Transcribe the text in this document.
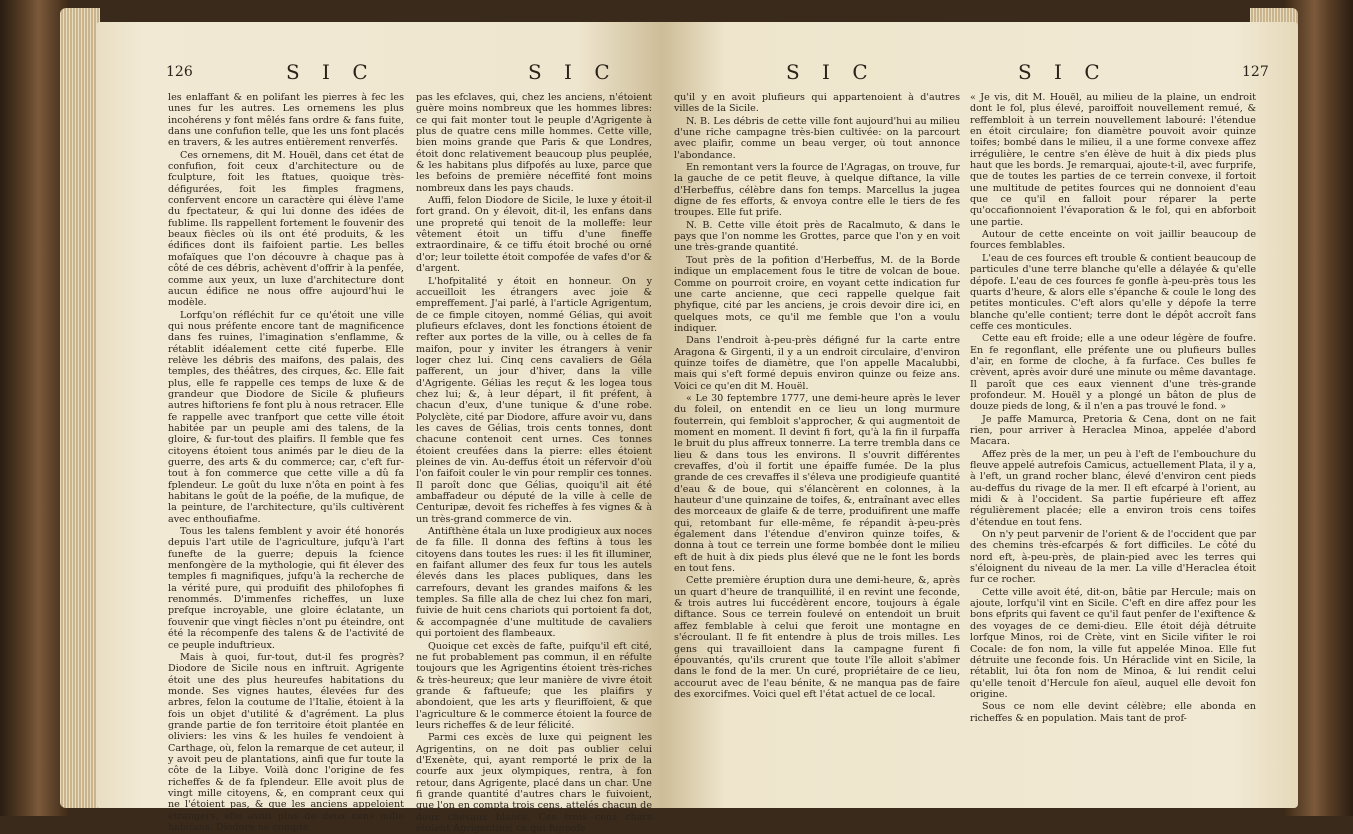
126	S I C	S I C

les enlaffant & en polifant les pierres à fec les unes fur les autres. Les ornemens les plus incohérens y font mêlés fans ordre & fans fuite, dans une confufion telle, que les uns font placés en travers, & les autres entièrement renverfés.

Ces ornemens, dit M. Houël, dans cet état de confufion, foit ceux d'architecture ou de fculpture, foit les ftatues, quoique très-défigurées, foit les fimples fragmens, confervent encore un caractère qui élève l'ame du fpectateur, & qui lui donne des idées de fublime. Ils rappellent fortement le fouvenir des beaux fiècles où ils ont été produits, & les édifices dont ils faifoient partie. Les belles mofaïques que l'on découvre à chaque pas à côté de ces débris, achèvent d'offrir à la penfée, comme aux yeux, un luxe d'architecture dont aucun édifice ne nous offre aujourd'hui le modèle.

Lorfqu'on réfléchit fur ce qu'étoit une ville qui nous préfente encore tant de magnificence dans fes ruines, l'imagination s'enflamme, & rétablit idéalement cette cité fuperbe. Elle relève les débris des maifons, des palais, des temples, des théâtres, des cirques, &c. Elle fait plus, elle fe rappelle ces temps de luxe & de grandeur que Diodore de Sicile & plufieurs autres hiftoriens fe font plu à nous retracer. Elle fe rappelle avec tranfport que cette ville étoit habitée par un peuple ami des talens, de la gloire, & fur-tout des plaifirs. Il femble que fes citoyens étoient tous animés par le dieu de la guerre, des arts & du commerce; car, c'eft fur-tout à fon commerce que cette ville a dû fa fplendeur. Le goût du luxe n'ôta en point à fes habitans le goût de la poéfie, de la mufique, de la peinture, de l'architecture, qu'ils cultivèrent avec enthoufiafme.

Tous les talens femblent y avoir été honorés depuis l'art utile de l'agriculture, jufqu'à l'art funefte de la guerre; depuis la fcience menfongère de la mythologie, qui fit élever des temples fi magnifiques, jufqu'à la recherche de la vérité pure, qui produifit des philofophes fi renommés. D'immenfes richeffes, un luxe prefque incroyable, une gloire éclatante, un fouvenir que vingt fiècles n'ont pu éteindre, ont été la récompenfe des talens & de l'activité de ce peuple induftrieux.

Mais à quoi, fur-tout, dut-il fes progrès? Diodore de Sicile nous en inftruit. Agrigente étoit une des plus heureufes habitations du monde. Ses vignes hautes, élevées fur des arbres, felon la coutume de l'Italie, étoient à la fois un objet d'utilité & d'agrément. La plus grande partie de fon territoire étoit plantée en oliviers: les vins & les huiles fe vendoient à Carthage, où, felon la remarque de cet auteur, il y avoit peu de plantations, ainfi que fur toute la côte de la Libye. Voilà donc l'origine de fes richeffes & de fa fplendeur. Elle avoit plus de vingt mille citoyens, &, en comprant ceux qui ne l'étoient pas, & que les anciens appeloient étrangers, elle avoit plus de deux cens mille habitans. Diodore ne compte

pas les efclaves, qui, chez les anciens, n'étoient guère moins nombreux que les hommes libres: ce qui fait monter tout le peuple d'Agrigente à plus de quatre cens mille hommes. Cette ville, bien moins grande que Paris & que Londres, étoit donc relativement beaucoup plus peuplée, & les habitans plus difpofés au luxe, parce que les befoins de première néceffité font moins nombreux dans les pays chauds.

Auffi, felon Diodore de Sicile, le luxe y étoit-il fort grand. On y élevoit, dit-il, les enfans dans une propreté qui tenoit de la molleffe: leur vêtement étoit un tiffu d'une fineffe extraordinaire, & ce tiffu étoit broché ou orné d'or; leur toilette étoit compofée de vafes d'or & d'argent.

L'hofpitalité y étoit en honneur. On y accueilloit les étrangers avec joie & empreffement. J'ai parlé, à l'article Agrigentum, de ce fimple citoyen, nommé Gélias, qui avoit plufieurs efclaves, dont les fonctions étoient de refter aux portes de la ville, ou à celles de fa maifon, pour y inviter les étrangers à venir loger chez lui. Cinq cens cavaliers de Géla pafferent, un jour d'hiver, dans la ville d'Agrigente. Gélias les reçut & les logea tous chez lui; &, à leur départ, il fit préfent, à chacun d'eux, d'une tunique & d'une robe. Polyclète, cité par Diodore, affure avoir vu, dans les caves de Gélias, trois cents tonnes, dont chacune contenoit cent urnes. Ces tonnes étoient creufées dans la pierre: elles étoient pleines de vin. Au-deffus étoit un réfervoir d'où l'on faifoit couler le vin pour remplir ces tonnes. Il paroît donc que Gélias, quoiqu'il ait été ambaffadeur ou député de la ville à celle de Centuripæ, devoit fes richeffes à fes vignes & à un très-grand commerce de vin.

Antifthène étala un luxe prodigieux aux noces de fa fille. Il donna des feftins à tous les citoyens dans toutes les rues: il les fit illuminer, en faifant allumer des feux fur tous les autels élevés dans les places publiques, dans les carrefours, devant les grandes maifons & les temples. Sa fille alla de chez lui chez fon mari, fuivie de huit cens chariots qui portoient fa dot, & accompagnée d'une multitude de cavaliers qui portoient des flambeaux.

Quoique cet excès de fafte, puifqu'il eft cité, ne fut probablement pas commun, il en réfulte toujours que les Agrigentins étoient très-riches & très-heureux; que leur manière de vivre étoit grande & faftueufe; que les plaifirs y abondoient, que les arts y fleuriffoient, & que l'agriculture & le commerce étoient la fource de leurs richeffes & de leur félicité.

Parmi ces excès de luxe qui peignent les Agrigentins, on ne doit pas oublier celui d'Exenète, qui, ayant remporté le prix de la courfe aux jeux olympiques, rentra, à fon retour, dans Agrigente, placé dans un char. Une fi grande quantité d'autres chars le fuivoient, que l'on en compta trois cens, attelés chacun de deux chevaux blancs. Ces trois cens chars étoient Agrigentins; ce qui fuppofe

S I C	S I C	127

qu'il y en avoit plufieurs qui appartenoient à d'autres villes de la Sicile.

N. B. Les débris de cette ville font aujourd'hui au milieu d'une riche campagne très-bien cultivée: on la parcourt avec plaifir, comme un beau verger, où tout annonce l'abondance.

En remontant vers la fource de l'Agragas, on trouve, fur la gauche de ce petit fleuve, à quelque diftance, la ville d'Herbeffus, célèbre dans fon temps. Marcellus la jugea digne de fes efforts, & envoya contre elle le tiers de fes troupes. Elle fut prife.

N. B. Cette ville étoit près de Racalmuto, & dans le pays que l'on nomme les Grottes, parce que l'on y en voit une très-grande quantité.

Tout près de la pofition d'Herbeffus, M. de la Borde indique un emplacement fous le titre de volcan de boue. Comme on pourroit croire, en voyant cette indication fur une carte ancienne, que ceci rappelle quelque fait phyfique, cité par les anciens, je crois devoir dire ici, en quelques mots, ce qu'il me femble que l'on a voulu indiquer.

Dans l'endroit à-peu-près défigné fur la carte entre Aragona & Girgenti, il y a un endroit circulaire, d'environ quinze toifes de diamètre, que l'on appelle Macalubbi, mais qui s'eft formé depuis environ quinze ou feize ans. Voici ce qu'en dit M. Houël.

« Le 30 feptembre 1777, une demi-heure après le lever du foleil, on entendit en ce lieu un long murmure fouterrein, qui fembloit s'approcher, & qui augmentoit de moment en moment. Il devint fi fort, qu'à la fin il furpaffa le bruit du plus affreux tonnerre. La terre trembla dans ce lieu & dans tous les environs. Il s'ouvrit différentes crevaffes, d'où il fortit une épaiffe fumée. De la plus grande de ces crevaffes il s'éleva une prodigieufe quantité d'eau & de boue, qui s'élancèrent en colonnes, à la hauteur d'une quinzaine de toifes, &, entraînant avec elles des morceaux de glaife & de terre, produifirent une maffe qui, retombant fur elle-même, fe répandit à-peu-près également dans l'étendue d'environ quinze toifes, & donna à tout ce terrein une forme bombée dont le milieu eft de huit à dix pieds plus élevé que ne le font les bords en tout fens.

Cette première éruption dura une demi-heure, &, après un quart d'heure de tranquillité, il en revint une feconde, & trois autres lui fuccédèrent encore, toujours à égale diftance. Sous ce terrein foulevé on entendoit un bruit affez femblable à celui que feroit une montagne en s'écroulant. Il fe fit entendre à plus de trois milles. Les gens qui travailloient dans la campagne furent fi épouvantés, qu'ils crurent que toute l'île alloit s'abîmer dans le fond de la mer. Un curé, propriétaire de ce lieu, accourut avec de l'eau bénite, & ne manqua pas de faire des exorcifmes. Voici quel eft l'état actuel de ce local.

« Je vis, dit M. Houël, au milieu de la plaine, un endroit dont le fol, plus élevé, paroiffoit nouvellement remué, & reffembloit à un terrein nouvellement labouré: l'étendue en étoit circulaire; fon diamètre pouvoit avoir quinze toifes; bombé dans le milieu, il a une forme convexe affez irrégulière, le centre s'en élève de huit à dix pieds plus haut que les bords. Je remarquai, ajoute-t-il, avec furprife, que de toutes les parties de ce terrein convexe, il fortoit une multitude de petites fources qui ne donnoient d'eau que ce qu'il en falloit pour réparer la perte qu'occafionnoient l'évaporation & le fol, qui en abforboit une partie.

Autour de cette enceinte on voit jaillir beaucoup de fources femblables.

L'eau de ces fources eft trouble & contient beaucoup de particules d'une terre blanche qu'elle a délayée & qu'elle dépofe. L'eau de ces fources fe gonfle à-peu-près tous les quarts d'heure, & alors elle s'épanche & coule le long des petites monticules. C'eft alors qu'elle y dépofe la terre blanche qu'elle contient; terre dont le dépôt accroît fans ceffe ces monticules.

Cette eau eft froide; elle a une odeur légère de foufre. En fe regonflant, elle préfente une ou plufieurs bulles d'air, en forme de cloche, à fa furface. Ces bulles fe crèvent, après avoir duré une minute ou même davantage. Il paroît que ces eaux viennent d'une très-grande profondeur. M. Houël y a plongé un bâton de plus de douze pieds de long, & il n'en a pas trouvé le fond. »

Je paffe Mamurca, Pretoria & Cena, dont on ne fait rien, pour arriver à Heraclea Minoa, appelée d'abord Macara.

Affez près de la mer, un peu à l'eft de l'embouchure du fleuve appelé autrefois Camicus, actuellement Plata, il y a, à l'eft, un grand rocher blanc, élevé d'environ cent pieds au-deffus du rivage de la mer. Il eft efcarpé à l'orient, au midi & à l'occident. Sa partie fupérieure eft affez régulièrement placée; elle a environ trois cens toifes d'étendue en tout fens.

On n'y peut parvenir de l'orient & de l'occident que par des chemins très-efcarpés & fort difficiles. Le côté du nord eft, à-peu-près, de plain-pied avec les terres qui s'éloignent du niveau de la mer. La ville d'Heraclea étoit fur ce rocher.

Cette ville avoit été, dit-on, bâtie par Hercule; mais on ajoute, lorfqu'il vint en Sicile. C'eft en dire affez pour les bons efprits qui favent ce qu'il faut penfer de l'exiftence & des voyages de ce demi-dieu. Elle étoit déjà détruite lorfque Minos, roi de Crète, vint en Sicile vifiter le roi Cocale: de fon nom, la ville fut appelée Minoa. Elle fut détruite une feconde fois. Un Héraclide vint en Sicile, la rétablit, lui ôta fon nom de Minoa, & lui rendit celui qu'elle tenoit d'Hercule fon aïeul, auquel elle devoit fon origine.

Sous ce nom elle devint célèbre; elle abonda en richeffes & en population. Mais tant de prof-
